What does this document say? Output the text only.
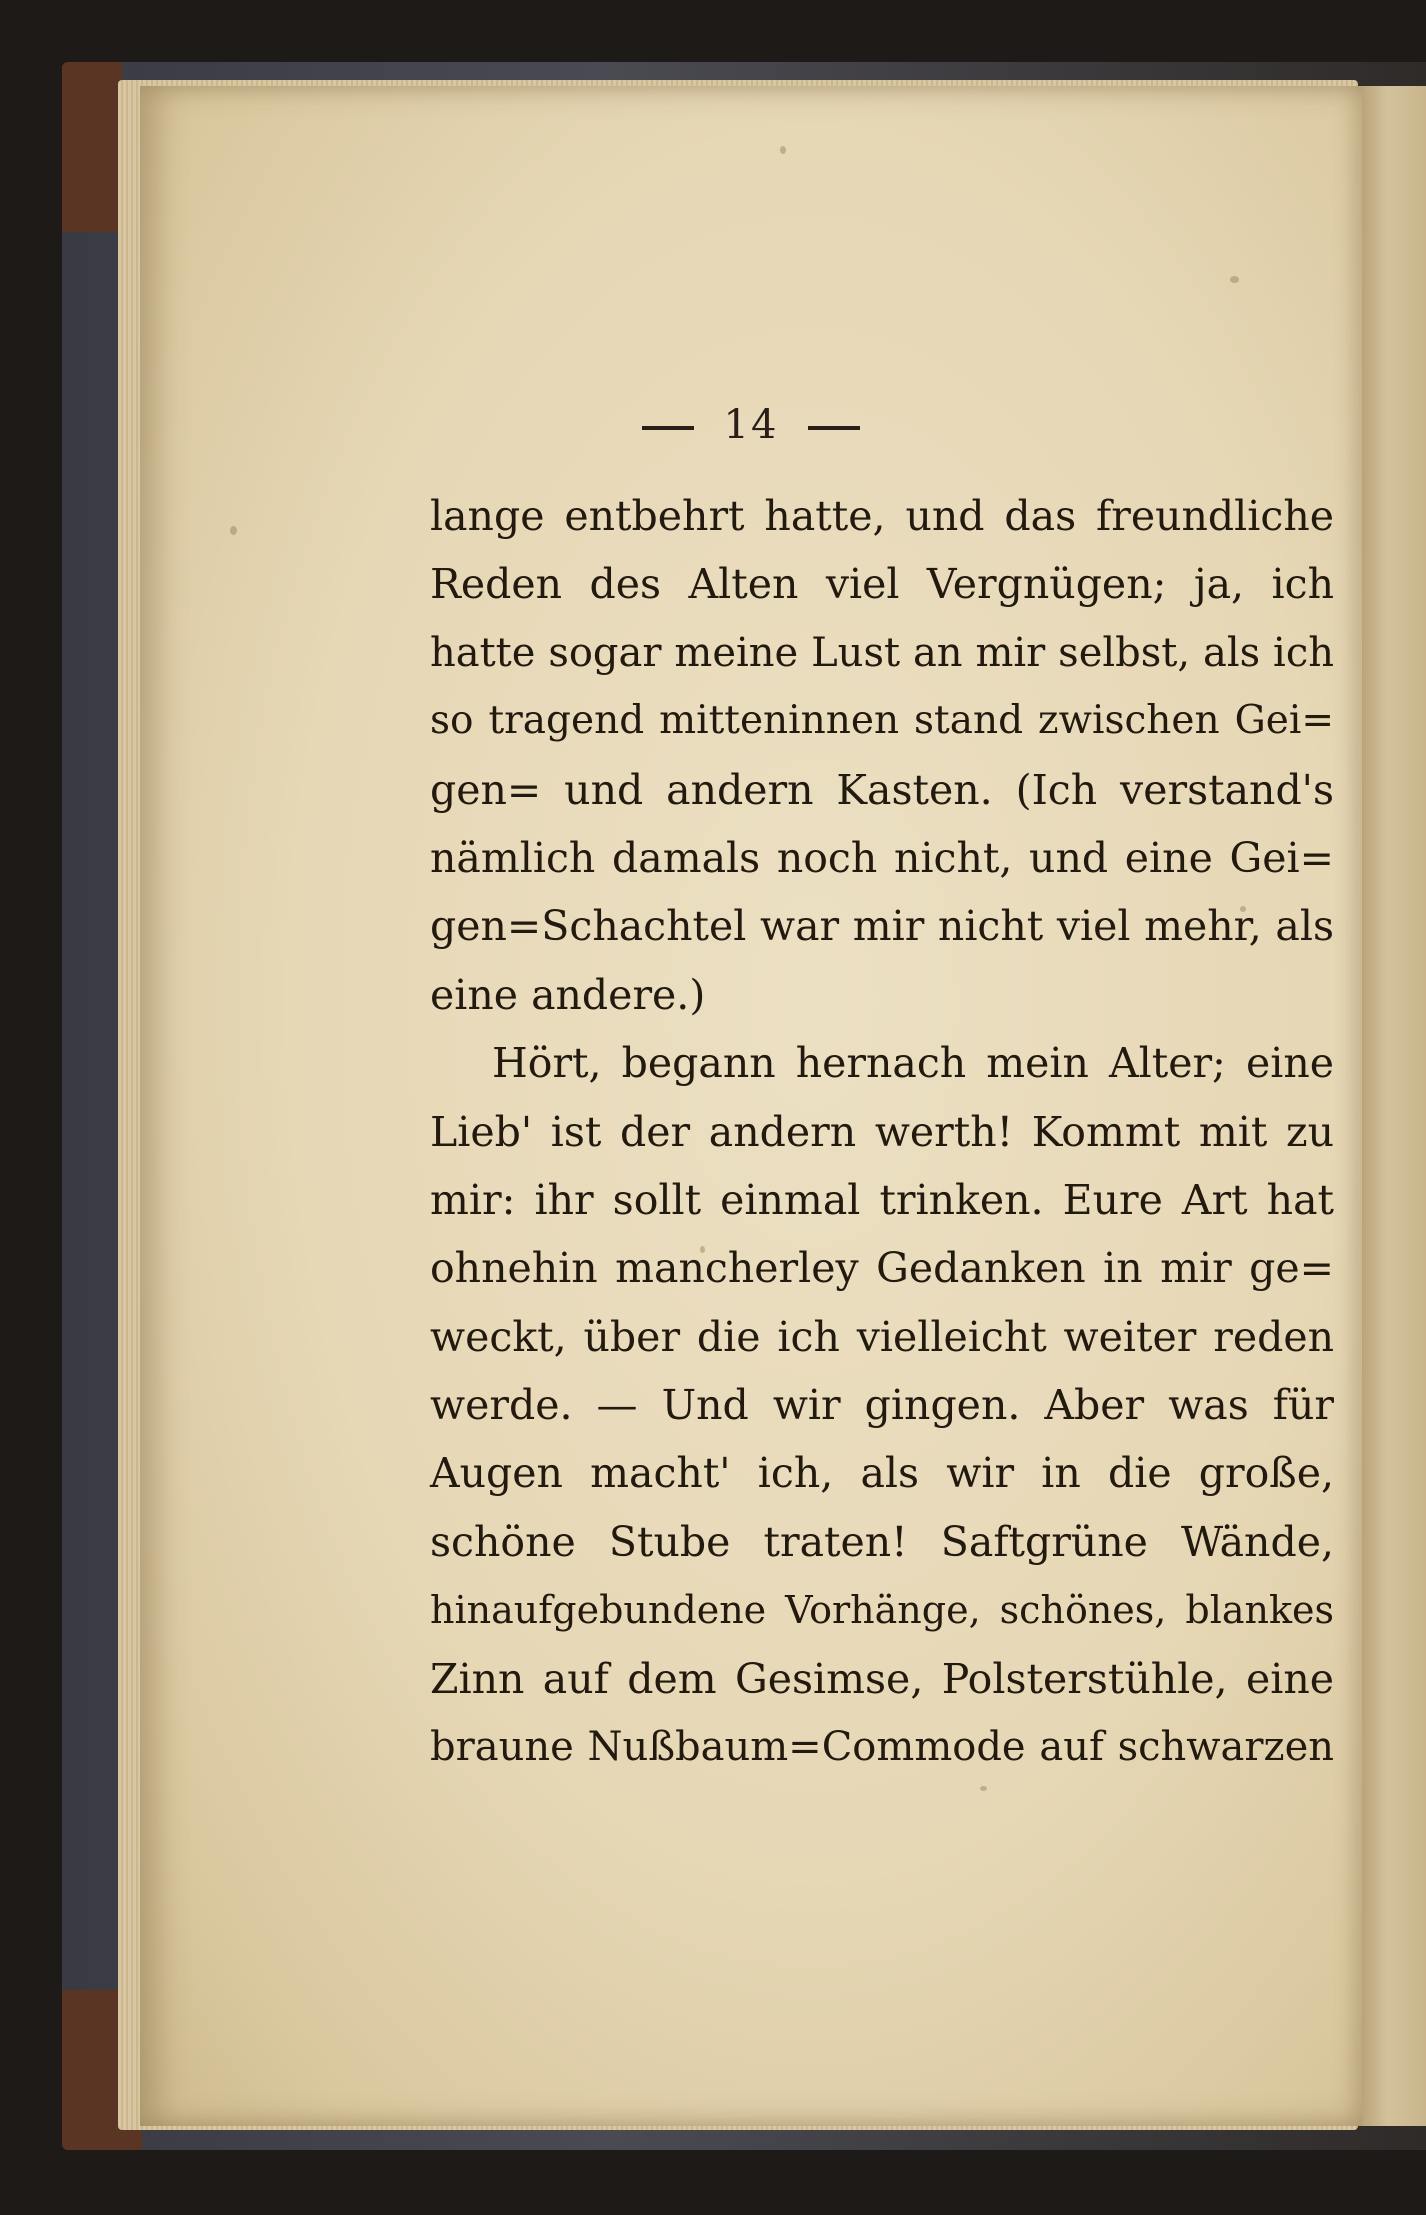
14
lange entbehrt hatte, und das freundliche
Reden des Alten viel Vergnügen; ja, ich
hatte sogar meine Lust an mir selbst, als ich
so tragend mitteninnen stand zwischen Gei=
gen= und andern Kasten. (Ich verstand's
nämlich damals noch nicht, und eine Gei=
gen=Schachtel war mir nicht viel mehr, als
eine andere.)
Hört, begann hernach mein Alter; eine
Lieb' ist der andern werth! Kommt mit zu
mir: ihr sollt einmal trinken. Eure Art hat
ohnehin mancherley Gedanken in mir ge=
weckt, über die ich vielleicht weiter reden
werde. — Und wir gingen. Aber was für
Augen macht' ich, als wir in die große,
schöne Stube traten! Saftgrüne Wände,
hinaufgebundene Vorhänge, schönes, blankes
Zinn auf dem Gesimse, Polsterstühle, eine
braune Nußbaum=Commode auf schwarzen
